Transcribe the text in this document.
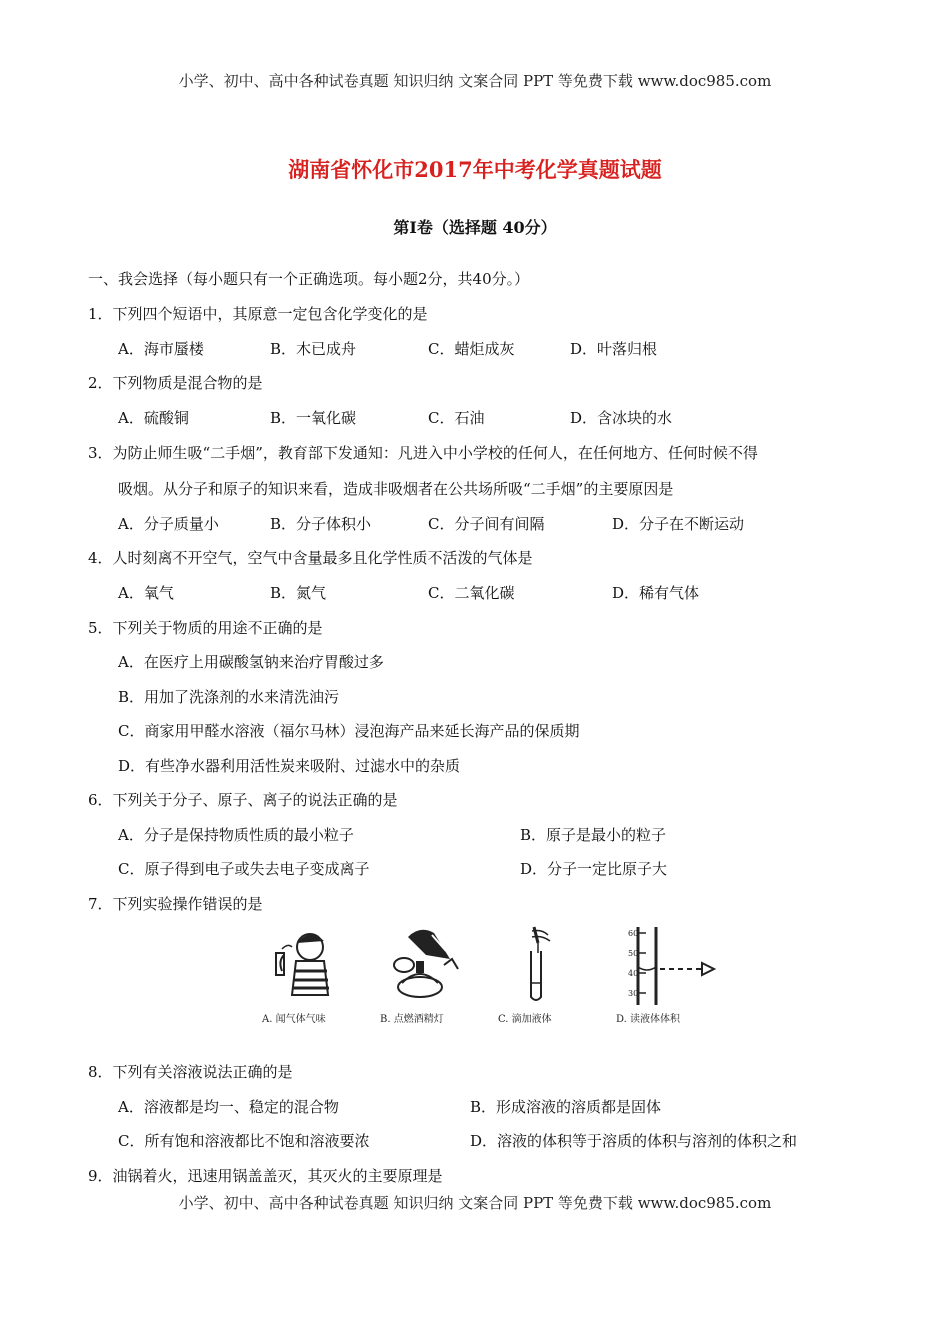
小学、初中、高中各种试卷真题 知识归纳 文案合同 PPT 等免费下载 www.doc985.com
湖南省怀化市2017年中考化学真题试题
第Ⅰ卷（选择题 40分）
一、我会选择（每小题只有一个正确选项。每小题2分，共40分。）
1．下列四个短语中，其原意一定包含化学变化的是
A．海市蜃楼	B．木已成舟	C．蜡炬成灰	D．叶落归根
2．下列物质是混合物的是
A．硫酸铜	B．一氧化碳	C．石油	D．含冰块的水
3．为防止师生吸“二手烟”，教育部下发通知：凡进入中小学校的任何人，在任何地方、任何时候不得
吸烟。从分子和原子的知识来看，造成非吸烟者在公共场所吸“二手烟”的主要原因是
A．分子质量小	B．分子体积小	C．分子间有间隔	D．分子在不断运动
4．人时刻离不开空气，空气中含量最多且化学性质不活泼的气体是
A．氧气	B．氮气	C．二氧化碳	D．稀有气体
5．下列关于物质的用途不正确的是
A．在医疗上用碳酸氢钠来治疗胃酸过多
B．用加了洗涤剂的水来清洗油污
C．商家用甲醛水溶液（福尔马林）浸泡海产品来延长海产品的保质期
D．有些净水器利用活性炭来吸附、过滤水中的杂质
6．下列关于分子、原子、离子的说法正确的是
A．分子是保持物质性质的最小粒子	B．原子是最小的粒子
C．原子得到电子或失去电子变成离子	D．分子一定比原子大
7．下列实验操作错误的是
A. 闻气体气味	B. 点燃酒精灯	C. 滴加液体
60
50
40
30
D. 读液体体积
8．下列有关溶液说法正确的是
A．溶液都是均一、稳定的混合物	B．形成溶液的溶质都是固体
C．所有饱和溶液都比不饱和溶液要浓	D．溶液的体积等于溶质的体积与溶剂的体积之和
9．油锅着火，迅速用锅盖盖灭，其灭火的主要原理是
小学、初中、高中各种试卷真题 知识归纳 文案合同 PPT 等免费下载 www.doc985.com
